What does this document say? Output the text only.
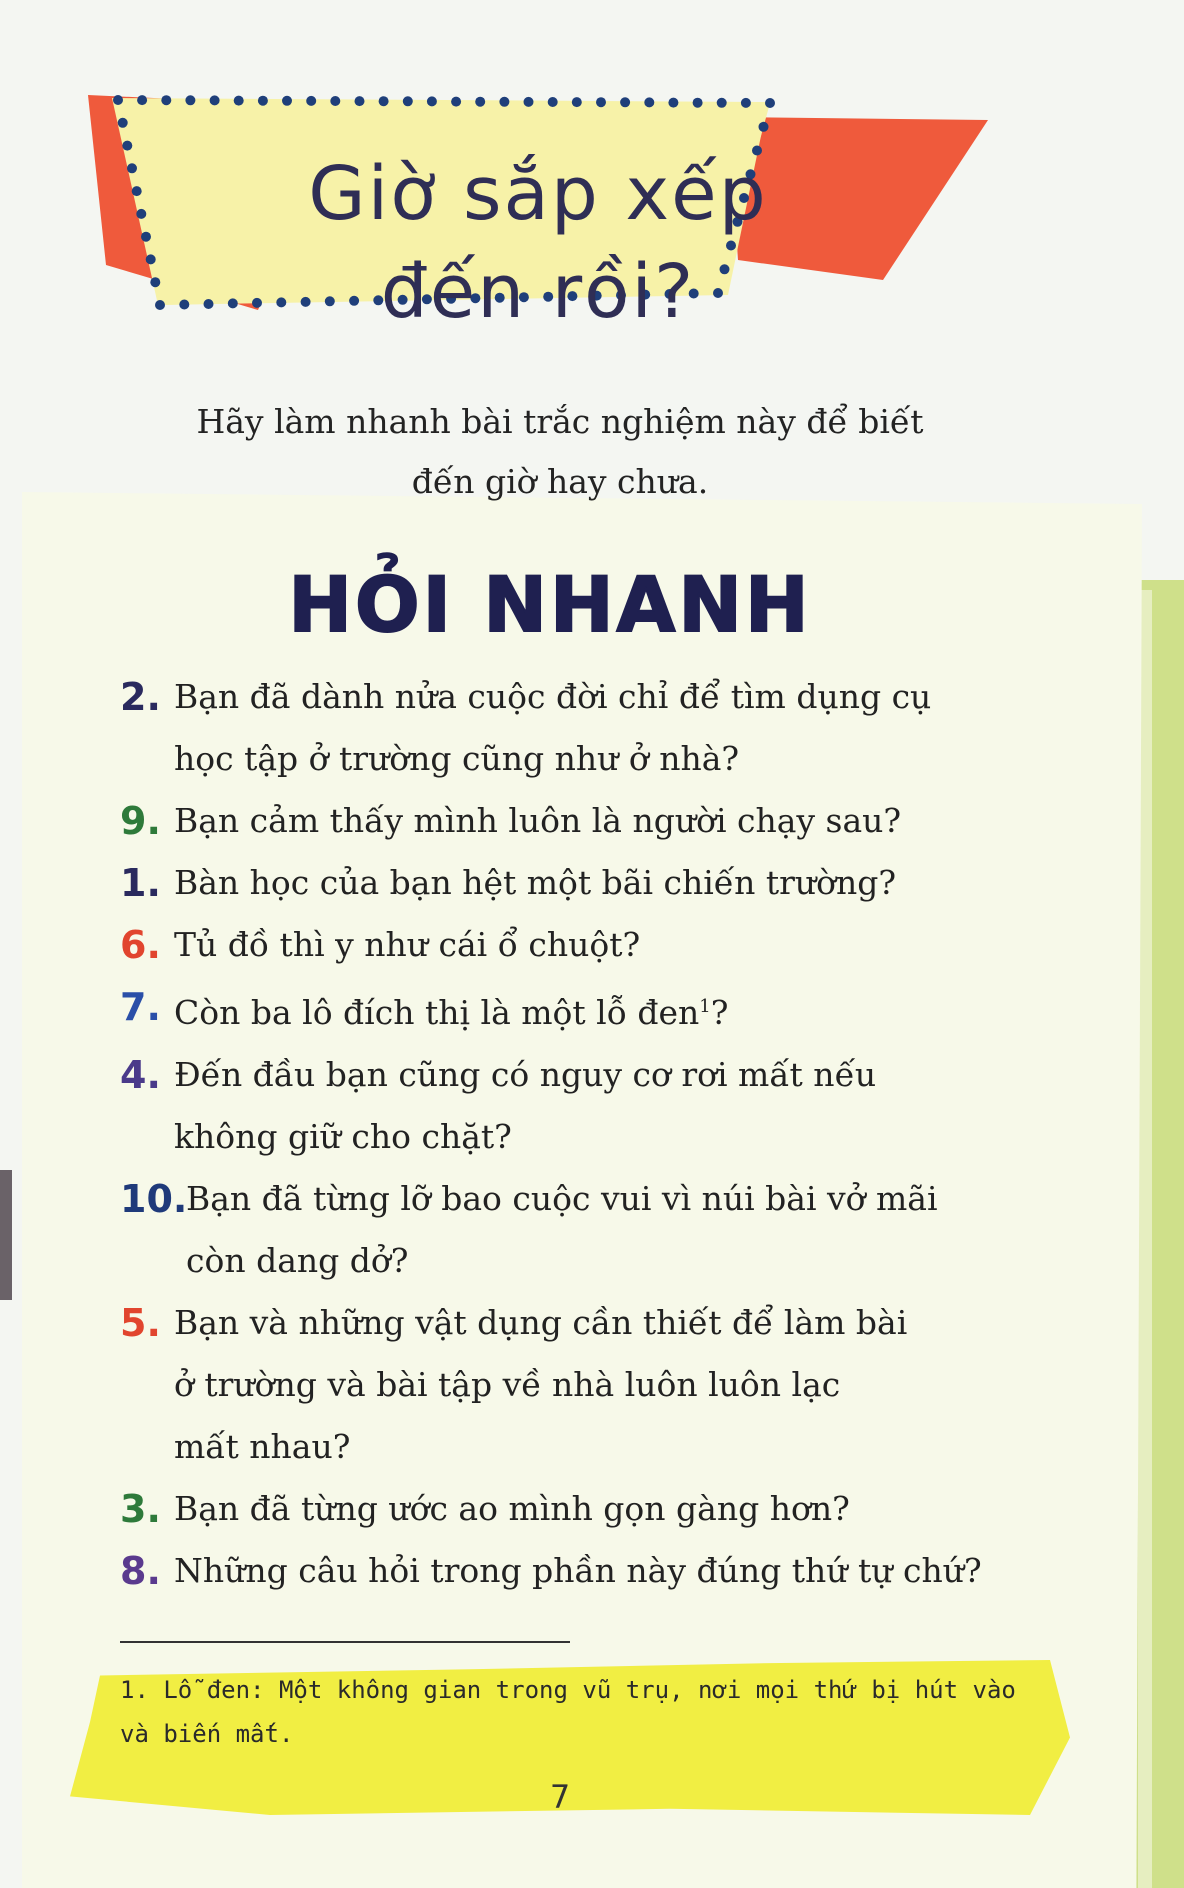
Giờ sắp xếp
đến rồi?
Hãy làm nhanh bài trắc nghiệm này để biết
đến giờ hay chưa.
HỎI NHANH
2. Bạn đã dành nửa cuộc đời chỉ để tìm dụng cụ
học tập ở trường cũng như ở nhà?
9. Bạn cảm thấy mình luôn là người chạy sau?
1. Bàn học của bạn hệt một bãi chiến trường?
6. Tủ đồ thì y như cái ổ chuột?
7. Còn ba lô đích thị là một lỗ đen$^1$?
4. Đến đầu bạn cũng có nguy cơ rơi mất nếu
không giữ cho chặt?
10.
Bạn đã từng lỡ bao cuộc vui vì núi bài vở mãi
còn dang dở?
5. Bạn và những vật dụng cần thiết để làm bài
ở trường và bài tập về nhà luôn luôn lạc
mất nhau?
3. Bạn đã từng ước ao mình gọn gàng hơn?
8. Những câu hỏi trong phần này đúng thứ tự chứ?
1. Lỗ đen: Một không gian trong vũ trụ, nơi mọi thứ bị hút vào
và biến mất.
7
